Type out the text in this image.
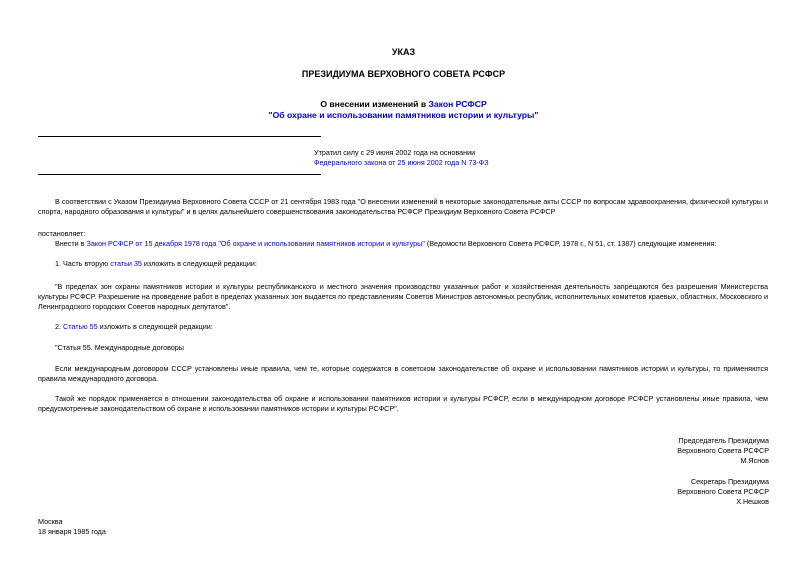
УКАЗ
ПРЕЗИДИУМА ВЕРХОВНОГО СОВЕТА РСФСР
О внесении изменений в Закон РСФСР
"Об охране и использовании памятников истории и культуры"
Утратил силу с 29 июня 2002 года на основании
Федерального закона от 25 июня 2002 года N 73-ФЗ
В соответствии с Указом Президиума Верховного Совета СССР от 21 сентября 1983 года "О внесении изменений в некоторые законодательные акты СССР по вопросам здравоохранения, физической культуры и спорта, народного образования и культуры" и в целях дальнейшего совершенствования законодательства РСФСР Президиум Верховного Совета РСФСР
постановляет:
Внести в Закон РСФСР от 15 декабря 1978 года "Об охране и использовании памятников истории и культуры" (Ведомости Верховного Совета РСФСР, 1978 г., N 51, ст. 1387) следующие изменения:
1. Часть вторую статьи 35 изложить в следующей редакции:
"В пределах зон охраны памятников истории и культуры республиканского и местного значения производство указанных работ и хозяйственная деятельность запрещаются без разрешения Министерства культуры РСФСР. Разрешение на проведение работ в пределах указанных зон выдается по представлениям Советов Министров автономных республик, исполнительных комитетов краевых, областных, Московского и Ленинградского городских Советов народных депутатов".
2. Статью 55 изложить в следующей редакции:
"Статья 55. Международные договоры
Если международным договором СССР установлены иные правила, чем те, которые содержатся в советском законодательстве об охране и использовании памятников истории и культуры, то применяются правила международного договора.
Такой же порядок применяется в отношении законодательства об охране и использовании памятников истории и культуры РСФСР, если в международном договоре РСФСР установлены иные правила, чем предусмотренные законодательством об охране и использовании памятников истории и культуры РСФСР".
Председатель Президиума
Верховного Совета РСФСР
М.Яснов
Секретарь Президиума
Верховного Совета РСФСР
Х.Нешков
Москва
18 января 1985 года
